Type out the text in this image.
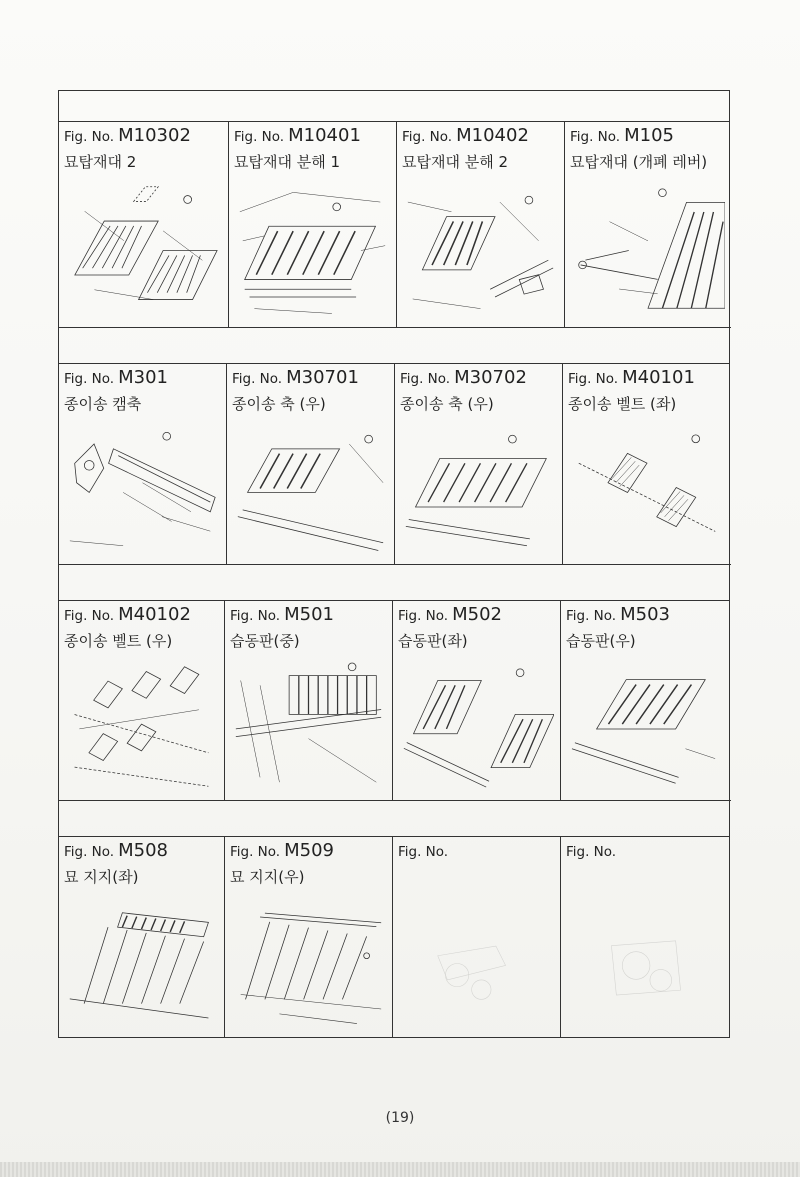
Fig. No. M10302
묘탑재대 2
Fig. No. M10401
묘탑재대 분해 1
Fig. No. M10402
묘탑재대 분해 2
Fig. No. M105
묘탑재대 (개폐 레버)
Fig. No. M301
종이송 캠축
Fig. No. M30701
종이송 축 (우)
Fig. No. M30702
종이송 축 (우)
Fig. No. M40101
종이송 벨트 (좌)
Fig. No. M40102
종이송 벨트 (우)
Fig. No. M501
습동판(중)
Fig. No. M502
습동판(좌)
Fig. No. M503
습동판(우)
Fig. No. M508
묘 지지(좌)
Fig. No. M509
묘 지지(우)
Fig. No.	Fig. No.
(19)
